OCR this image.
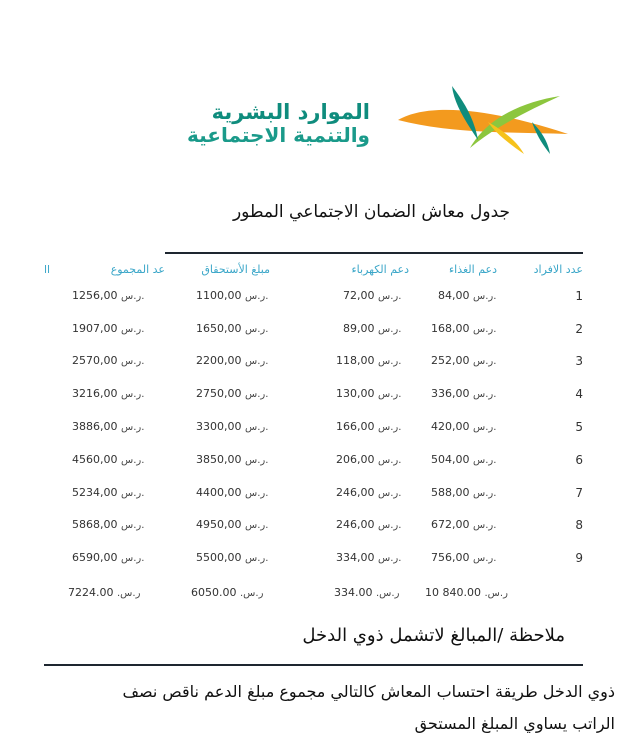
الموارد البشرية
والتنمية الاجتماعية
جدول معاش الضمان الاجتماعي المطور
عدد الافراد
دعم الغذاء
دعم الكهرباء
مبلغ الأستحقاق
عد المجموع
ll
1
84,00 ر.س.
72,00 ر.س.
1100,00 ر.س.
1256,00 ر.س.
2
168,00 ر.س.
89,00 ر.س.
1650,00 ر.س.
1907,00 ر.س.
3
252,00 ر.س.
118,00 ر.س.
2200,00 ر.س.
2570,00 ر.س.
4
336,00 ر.س.
130,00 ر.س.
2750,00 ر.س.
3216,00 ر.س.
5
420,00 ر.س.
166,00 ر.س.
3300,00 ر.س.
3886,00 ر.س.
6
504,00 ر.س.
206,00 ر.س.
3850,00 ر.س.
4560,00 ر.س.
7
588,00 ر.س.
246,00 ر.س.
4400,00 ر.س.
5234,00 ر.س.
8
672,00 ر.س.
246,00 ر.س.
4950,00 ر.س.
5868,00 ر.س.
9
756,00 ر.س.
334,00 ر.س.
5500,00 ر.س.
6590,00 ر.س.
ر.س. 840.00 10
ر.س. 334.00
ر.س. 6050.00
ر.س. 7224.00
ملاحظة /المبالغ لاتشمل ذوي الدخل
ذوي الدخل طريقة احتساب المعاش كالتالي مجموع مبلغ الدعم ناقص نصف
الراتب يساوي المبلغ المستحق
